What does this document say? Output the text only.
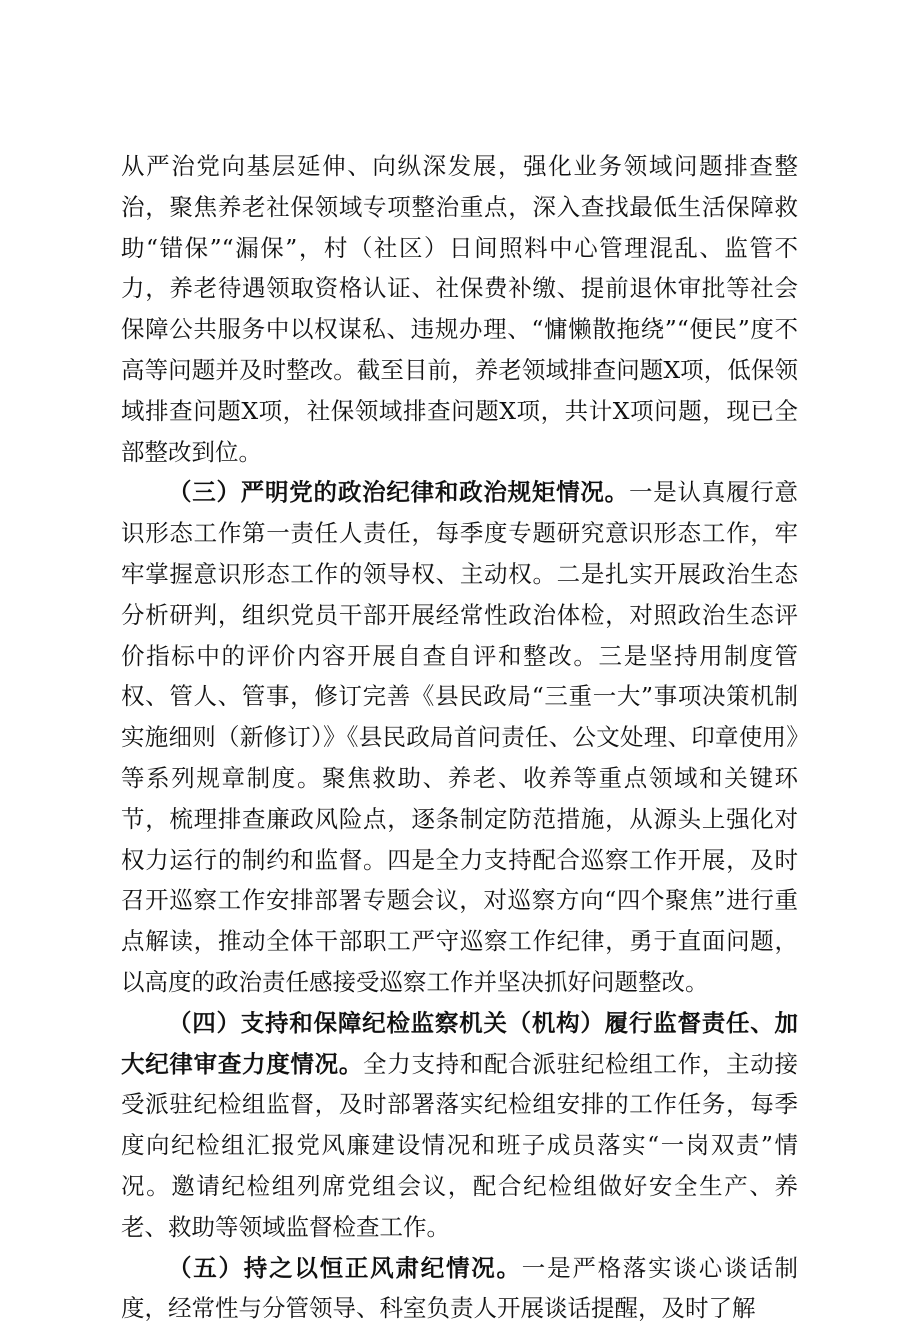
从严治党向基层延伸、向纵深发展，强化业务领域问题排查整治，聚焦养老社保领域专项整治重点，深入查找最低生活保障救助“错保”“漏保”，村（社区）日间照料中心管理混乱、监管不力，养老待遇领取资格认证、社保费补缴、提前退休审批等社会保障公共服务中以权谋私、违规办理、“慵懒散拖绕”“便民”度不高等问题并及时整改。截至目前，养老领域排查问题X项，低保领域排查问题X项，社保领域排查问题X项，共计X项问题，现已全部整改到位。

（三）严明党的政治纪律和政治规矩情况。一是认真履行意识形态工作第一责任人责任，每季度专题研究意识形态工作，牢牢掌握意识形态工作的领导权、主动权。二是扎实开展政治生态分析研判，组织党员干部开展经常性政治体检，对照政治生态评价指标中的评价内容开展自查自评和整改。三是坚持用制度管权、管人、管事，修订完善《县民政局“三重一大”事项决策机制实施细则（新修订）》《县民政局首问责任、公文处理、印章使用》等系列规章制度。聚焦救助、养老、收养等重点领域和关键环节，梳理排查廉政风险点，逐条制定防范措施，从源头上强化对权力运行的制约和监督。四是全力支持配合巡察工作开展，及时召开巡察工作安排部署专题会议，对巡察方向“四个聚焦”进行重点解读，推动全体干部职工严守巡察工作纪律，勇于直面问题，以高度的政治责任感接受巡察工作并坚决抓好问题整改。

（四）支持和保障纪检监察机关（机构）履行监督责任、加大纪律审查力度情况。全力支持和配合派驻纪检组工作，主动接受派驻纪检组监督，及时部署落实纪检组安排的工作任务，每季度向纪检组汇报党风廉建设情况和班子成员落实“一岗双责”情况。邀请纪检组列席党组会议，配合纪检组做好安全生产、养老、救助等领域监督检查工作。

（五）持之以恒正风肃纪情况。一是严格落实谈心谈话制度，经常性与分管领导、科室负责人开展谈话提醒，及时了解
